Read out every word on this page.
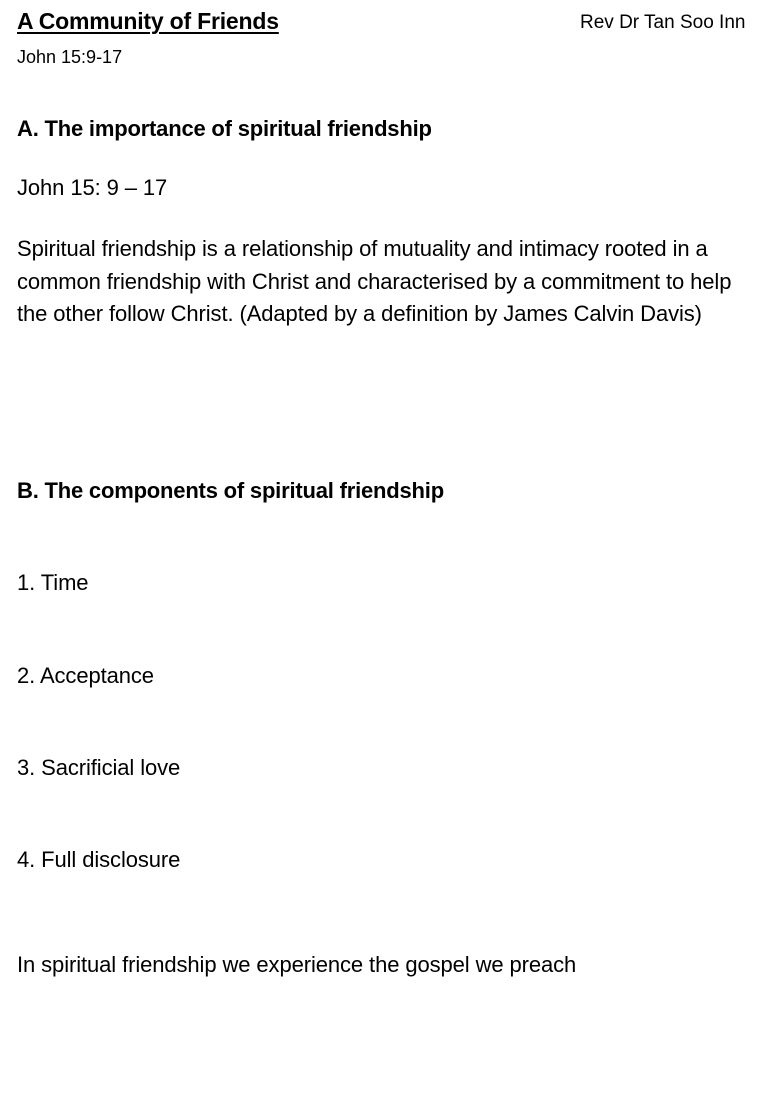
A Community of Friends	Rev Dr Tan Soo Inn
John 15:9-17
A. The importance of spiritual friendship

John 15: 9 – 17

Spiritual friendship is a relationship of mutuality and intimacy rooted in a common friendship with Christ and characterised by a commitment to help the other follow Christ. (Adapted by a definition by James Calvin Davis)

B. The components of spiritual friendship

1. Time

2. Acceptance

3. Sacrificial love

4. Full disclosure

In spiritual friendship we experience the gospel we preach
